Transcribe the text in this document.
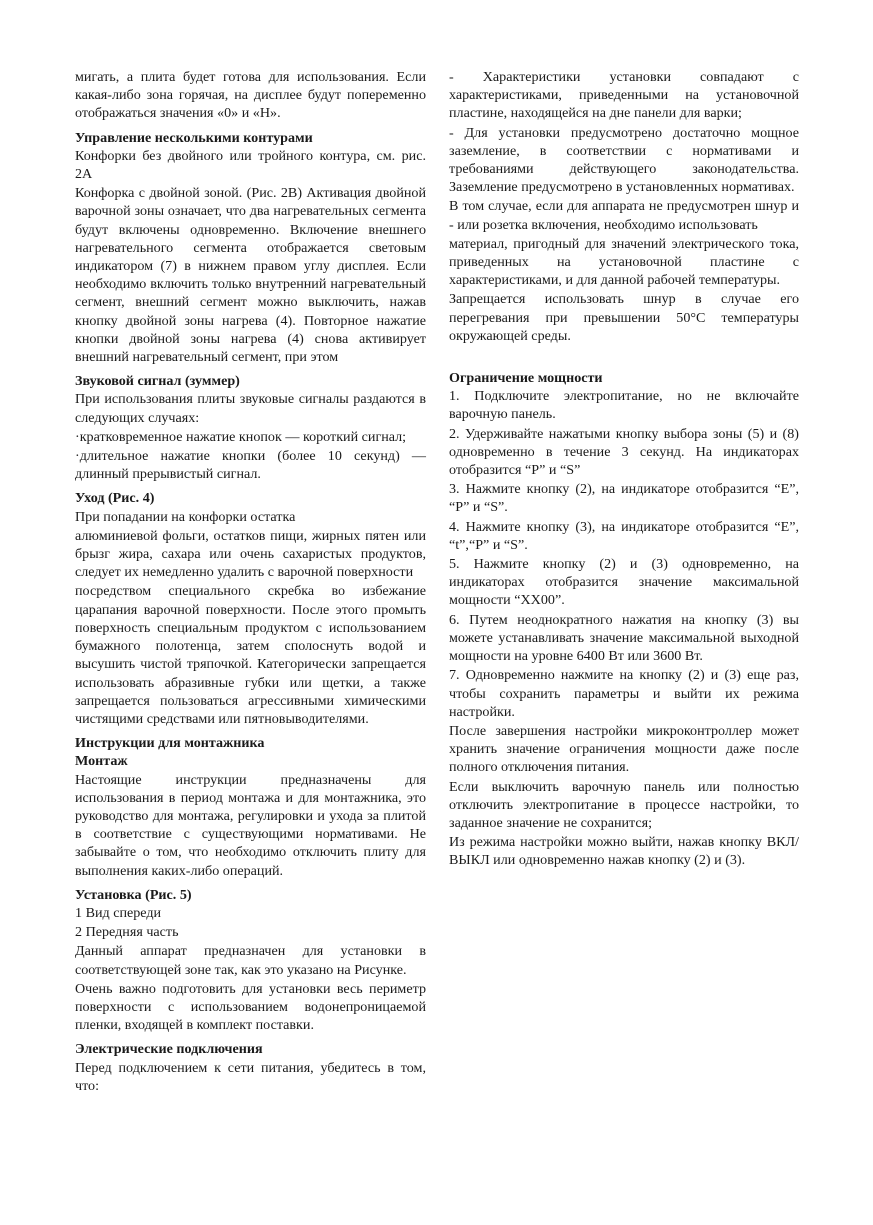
мигать, а плита будет готова для использования. Если какая-либо зона горячая, на дисплее будут попеременно отображаться значения «0» и «H».

Управление несколькими контурами

Конфорки без двойного или тройного контура, см. рис. 2А

Конфорка с двойной зоной. (Рис. 2В) Активация двойной варочной зоны означает, что два нагревательных сегмента будут включены одновременно. Включение внешнего нагревательного сегмента отображается световым индикатором (7) в нижнем правом углу дисплея. Если необходимо включить только внутренний нагревательный сегмент, внешний сегмент можно выключить, нажав кнопку двойной зоны нагрева (4). Повторное нажатие кнопки двойной зоны нагрева (4) снова активирует внешний нагревательный сегмент, при этом

Звуковой сигнал (зуммер)

При использования плиты звуковые сигналы раздаются в следующих случаях:

·кратковременное нажатие кнопок — короткий сигнал;

·длительное нажатие кнопки (более 10 секунд) — длинный прерывистый сигнал.

Уход (Рис. 4)

При попадании на конфорки остатка

алюминиевой фольги, остатков пищи, жирных пятен или брызг жира, сахара или очень сахаристых продуктов, следует их немедленно удалить с варочной поверхности

посредством специального скребка во избежание царапания варочной поверхности. После этого промыть поверхность специальным продуктом с использованием бумажного полотенца, затем сполоснуть водой и высушить чистой тряпочкой. Категорически запрещается использовать абразивные губки или щетки, а также запрещается пользоваться агрессивными химическими чистящими средствами или пятновыводителями.

Инструкции для монтажника
Монтаж

Настоящие инструкции предназначены для использования в период монтажа и для монтажника, это руководство для монтажа, регулировки и ухода за плитой в соответствие с существующими нормативами. Не забывайте о том, что необходимо отключить плиту для выполнения каких-либо операций.

Установка (Рис. 5)

1 Вид спереди

2 Передняя часть

Данный аппарат предназначен для установки в соответствующей зоне так, как это указано на Рисунке.

Очень важно подготовить для установки весь периметр поверхности с использованием водонепроницаемой пленки, входящей в комплект поставки.

Электрические подключения

Перед подключением к сети питания, убедитесь в том, что:

- Характеристики установки совпадают с характеристиками, приведенными на установочной пластине, находящейся на дне панели для варки;

- Для установки предусмотрено достаточно мощное заземление, в соответствии с нормативами и требованиями действующего законодательства. Заземление предусмотрено в установленных нормативах.

В том случае, если для аппарата не предусмотрен шнур и - или розетка включения, необходимо использовать

материал, пригодный для значений электрического тока, приведенных на установочной пластине с характеристиками, и для данной рабочей температуры.

Запрещается использовать шнур в случае его перегревания при превышении 50°С температуры окружающей среды.

Ограничение мощности

1. Подключите электропитание, но не включайте варочную панель.

2. Удерживайте нажатыми кнопку выбора зоны (5) и (8) одновременно в течение 3 секунд. На индикаторах отобразится “P” и “S”

3. Нажмите кнопку (2), на индикаторе отобразится “E”, “P” и “S”.

4. Нажмите кнопку (3), на индикаторе отобразится “E”, “t”,“P” и “S”.

5. Нажмите кнопку (2) и (3) одновременно, на индикаторах отобразится значение максимальной мощности “XX00”.

6. Путем неоднократного нажатия на кнопку (3) вы можете устанавливать значение максимальной выходной мощности на уровне 6400 Вт или 3600 Вт.

7. Одновременно нажмите на кнопку (2) и (3) еще раз, чтобы сохранить параметры и выйти их режима настройки.

После завершения настройки микроконтроллер может хранить значение ограничения мощности даже после полного отключения питания.

Если выключить варочную панель или полностью отключить электропитание в процессе настройки, то заданное значение не сохранится;

Из режима настройки можно выйти, нажав кнопку ВКЛ/ВЫКЛ или одновременно нажав кнопку (2) и (3).
